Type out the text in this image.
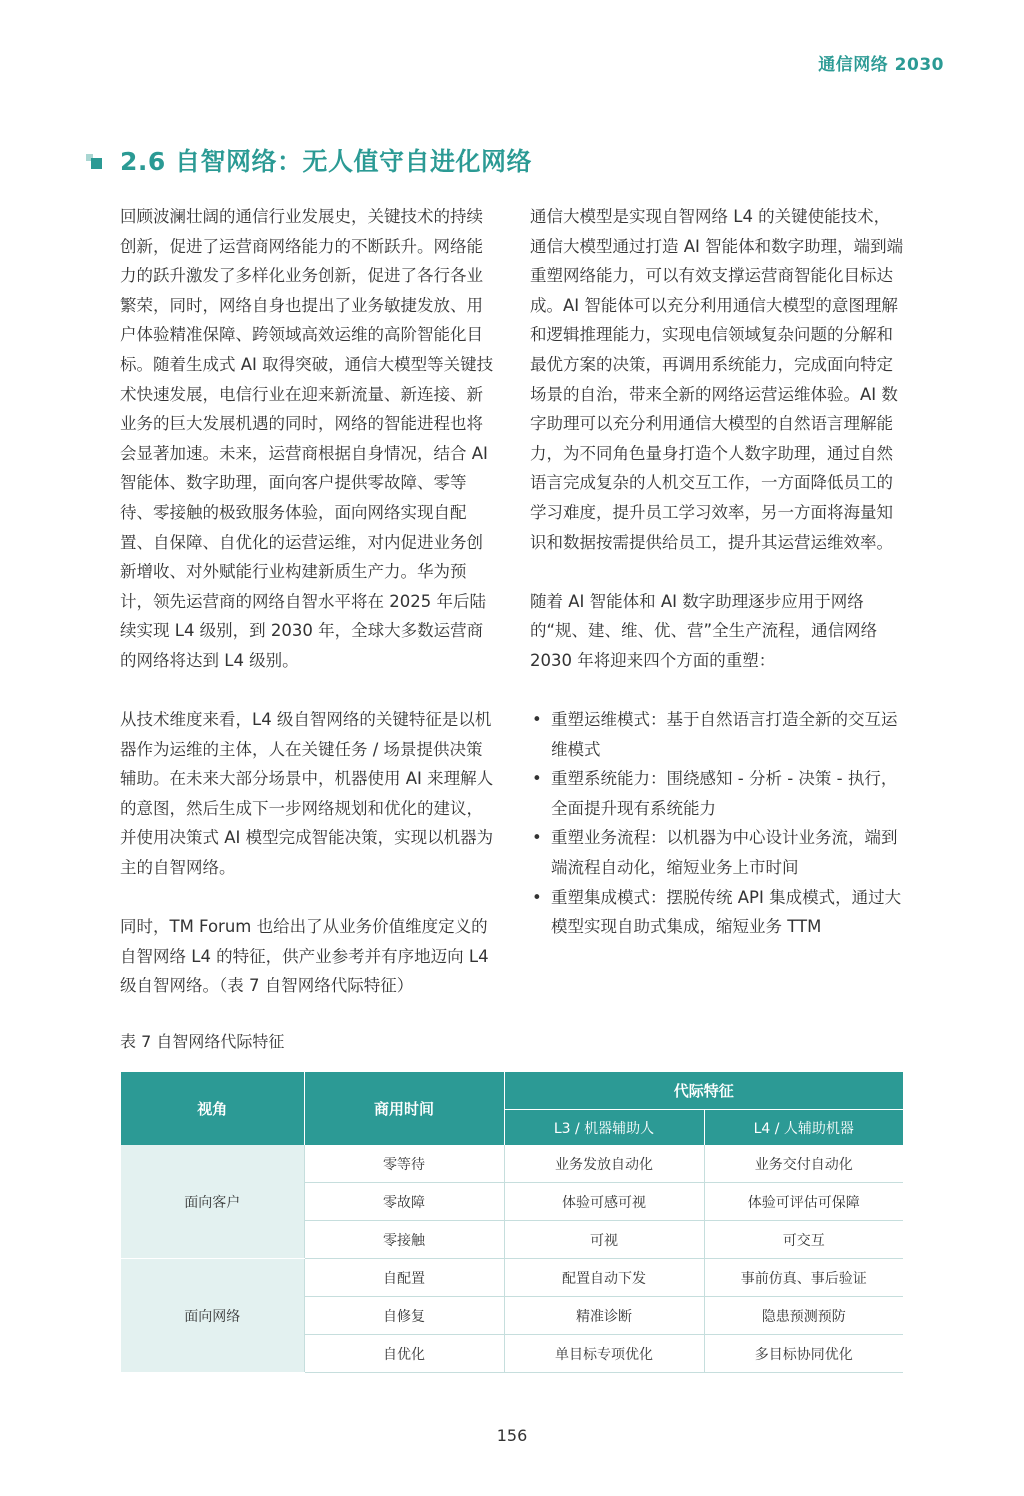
通信网络 2030
2.6 自智网络：无人值守自进化网络

回顾波澜壮阔的通信行业发展史，关键技术的持续创新，促进了运营商网络能力的不断跃升。网络能力的跃升激发了多样化业务创新，促进了各行各业繁荣，同时，网络自身也提出了业务敏捷发放、用户体验精准保障、跨领域高效运维的高阶智能化目标。随着生成式 AI 取得突破，通信大模型等关键技术快速发展，电信行业在迎来新流量、新连接、新业务的巨大发展机遇的同时，网络的智能进程也将会显著加速。未来，运营商根据自身情况，结合 AI 智能体、数字助理，面向客户提供零故障、零等待、零接触的极致服务体验，面向网络实现自配置、自保障、自优化的运营运维，对内促进业务创新增收、对外赋能行业构建新质生产力。华为预计，领先运营商的网络自智水平将在 2025 年后陆续实现 L4 级别，到 2030 年，全球大多数运营商的网络将达到 L4 级别。

从技术维度来看，L4 级自智网络的关键特征是以机器作为运维的主体，人在关键任务 / 场景提供决策辅助。在未来大部分场景中，机器使用 AI 来理解人的意图，然后生成下一步网络规划和优化的建议，并使用决策式 AI 模型完成智能决策，实现以机器为主的自智网络。

同时，TM Forum 也给出了从业务价值维度定义的自智网络 L4 的特征，供产业参考并有序地迈向 L4 级自智网络。（表 7 自智网络代际特征）

通信大模型是实现自智网络 L4 的关键使能技术，通信大模型通过打造 AI 智能体和数字助理，端到端重塑网络能力，可以有效支撑运营商智能化目标达成。AI 智能体可以充分利用通信大模型的意图理解和逻辑推理能力，实现电信领域复杂问题的分解和最优方案的决策，再调用系统能力，完成面向特定场景的自治，带来全新的网络运营运维体验。AI 数字助理可以充分利用通信大模型的自然语言理解能力，为不同角色量身打造个人数字助理，通过自然语言完成复杂的人机交互工作，一方面降低员工的学习难度，提升员工学习效率，另一方面将海量知识和数据按需提供给员工，提升其运营运维效率。

随着 AI 智能体和 AI 数字助理逐步应用于网络的“规、建、维、优、营”全生产流程，通信网络 2030 年将迎来四个方面的重塑：

• 重塑运维模式：基于自然语言打造全新的交互运维模式
• 重塑系统能力：围绕感知 - 分析 - 决策 - 执行，全面提升现有系统能力
• 重塑业务流程：以机器为中心设计业务流，端到端流程自动化，缩短业务上市时间
• 重塑集成模式：摆脱传统 API 集成模式，通过大模型实现自助式集成，缩短业务 TTM
表 7 自智网络代际特征
视角	商用时间	代际特征	
		L3 / 机器辅助人	L4 / 人辅助机器
面向客户	零等待	业务发放自动化	业务交付自动化
	零故障	体验可感可视	体验可评估可保障
	零接触	可视	可交互
面向网络	自配置	配置自动下发	事前仿真、事后验证
	自修复	精准诊断	隐患预测预防
	自优化	单目标专项优化	多目标协同优化
156
